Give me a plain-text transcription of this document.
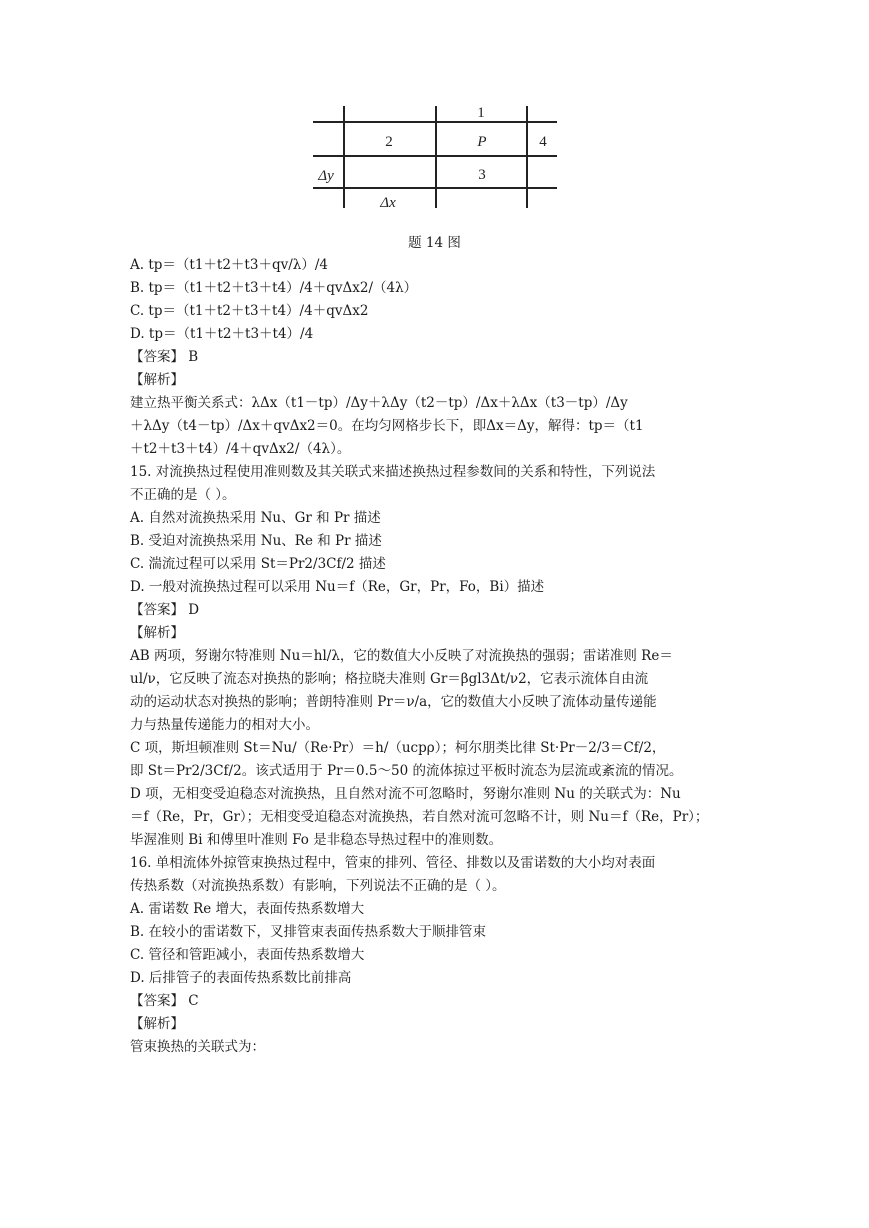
1
2	P	4
3
Δy
Δx
题 14 图
A. tp＝（t1＋t2＋t3＋qv/λ）/4
B. tp＝（t1＋t2＋t3＋t4）/4＋qvΔx2/（4λ）
C. tp＝（t1＋t2＋t3＋t4）/4＋qvΔx2
D. tp＝（t1＋t2＋t3＋t4）/4
【答案】 B
【解析】
建立热平衡关系式：λΔx（t1－tp）/Δy＋λΔy（t2－tp）/Δx＋λΔx（t3－tp）/Δy
＋λΔy（t4－tp）/Δx＋qvΔx2＝0。在均匀网格步长下，即Δx＝Δy，解得：tp＝（t1
＋t2＋t3＋t4）/4＋qvΔx2/（4λ）。
15. 对流换热过程使用准则数及其关联式来描述换热过程参数间的关系和特性，下列说法
不正确的是（ ）。
A. 自然对流换热采用 Nu、Gr 和 Pr 描述
B. 受迫对流换热采用 Nu、Re 和 Pr 描述
C. 湍流过程可以采用 St＝Pr2/3Cf/2 描述
D. 一般对流换热过程可以采用 Nu＝f（Re，Gr，Pr，Fo，Bi）描述
【答案】 D
【解析】
AB 两项，努谢尔特准则 Nu＝hl/λ，它的数值大小反映了对流换热的强弱；雷诺准则 Re＝
ul/ν，它反映了流态对换热的影响；格拉晓夫准则 Gr＝βgl3Δt/ν2，它表示流体自由流
动的运动状态对换热的影响；普朗特准则 Pr＝ν/a，它的数值大小反映了流体动量传递能
力与热量传递能力的相对大小。
C 项，斯坦顿准则 St＝Nu/（Re·Pr）＝h/（ucpρ）；柯尔朋类比律 St·Pr－2/3＝Cf/2，
即 St＝Pr2/3Cf/2。该式适用于 Pr＝0.5～50 的流体掠过平板时流态为层流或紊流的情况。
D 项，无相变受迫稳态对流换热，且自然对流不可忽略时，努谢尔准则 Nu 的关联式为：Nu
＝f（Re，Pr，Gr）；无相变受迫稳态对流换热，若自然对流可忽略不计，则 Nu＝f（Re，Pr）；
毕渥准则 Bi 和傅里叶准则 Fo 是非稳态导热过程中的准则数。
16. 单相流体外掠管束换热过程中，管束的排列、管径、排数以及雷诺数的大小均对表面
传热系数（对流换热系数）有影响，下列说法不正确的是（ ）。
A. 雷诺数 Re 增大，表面传热系数增大
B. 在较小的雷诺数下，叉排管束表面传热系数大于顺排管束
C. 管径和管距减小，表面传热系数增大
D. 后排管子的表面传热系数比前排高
【答案】 C
【解析】
管束换热的关联式为：
